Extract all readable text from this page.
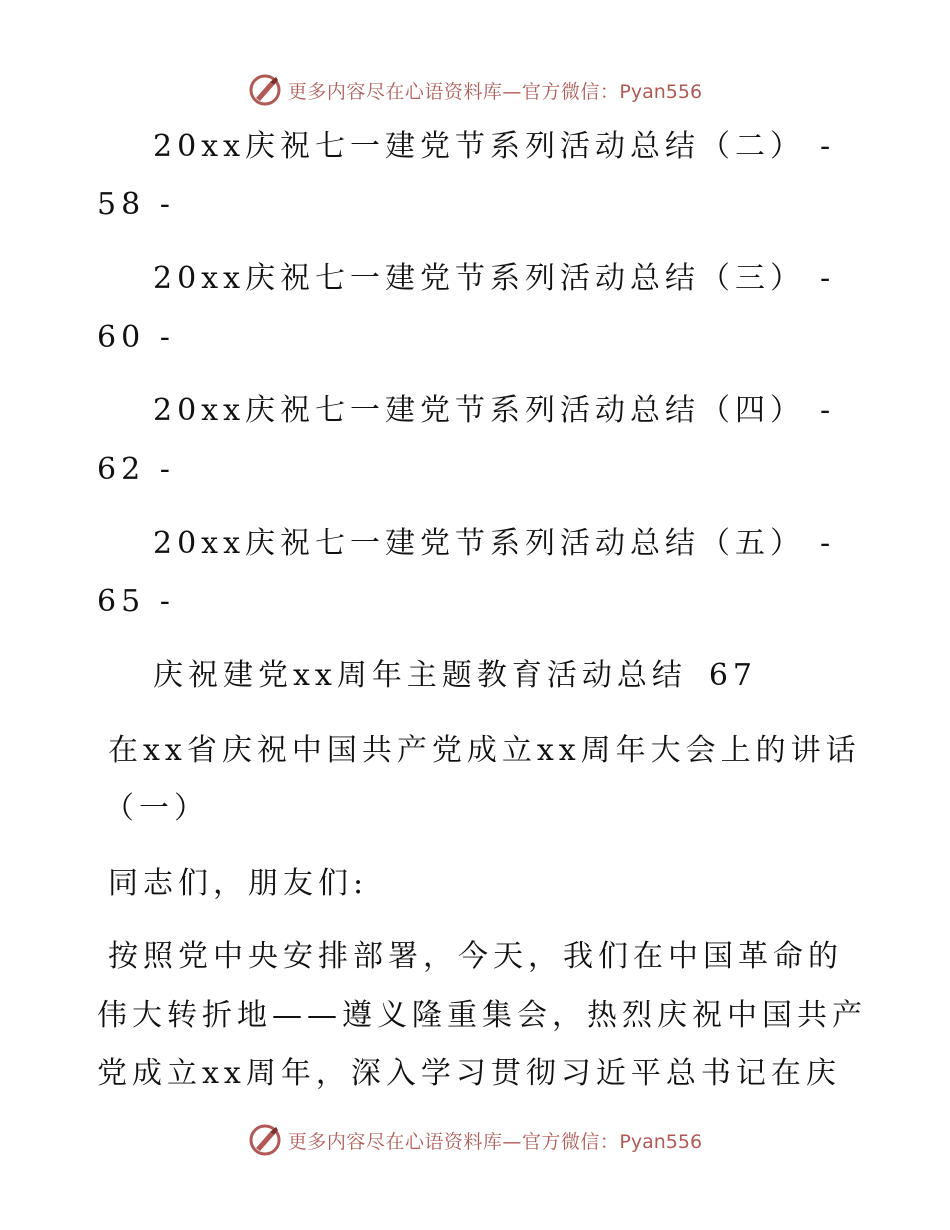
更多内容尽在心语资料库—官方微信：Pyan556
20xx庆祝七一建党节系列活动总结（二） -
58 -
20xx庆祝七一建党节系列活动总结（三） -
60 -
20xx庆祝七一建党节系列活动总结（四） -
62 -
20xx庆祝七一建党节系列活动总结（五） -
65 -
庆祝建党xx周年主题教育活动总结 67
在xx省庆祝中国共产党成立xx周年大会上的讲话
（一）
同志们，朋友们:
按照党中央安排部署，今天，我们在中国革命的
伟大转折地——遵义隆重集会，热烈庆祝中国共产
党成立xx周年，深入学习贯彻习近平总书记在庆
更多内容尽在心语资料库—官方微信：Pyan556
